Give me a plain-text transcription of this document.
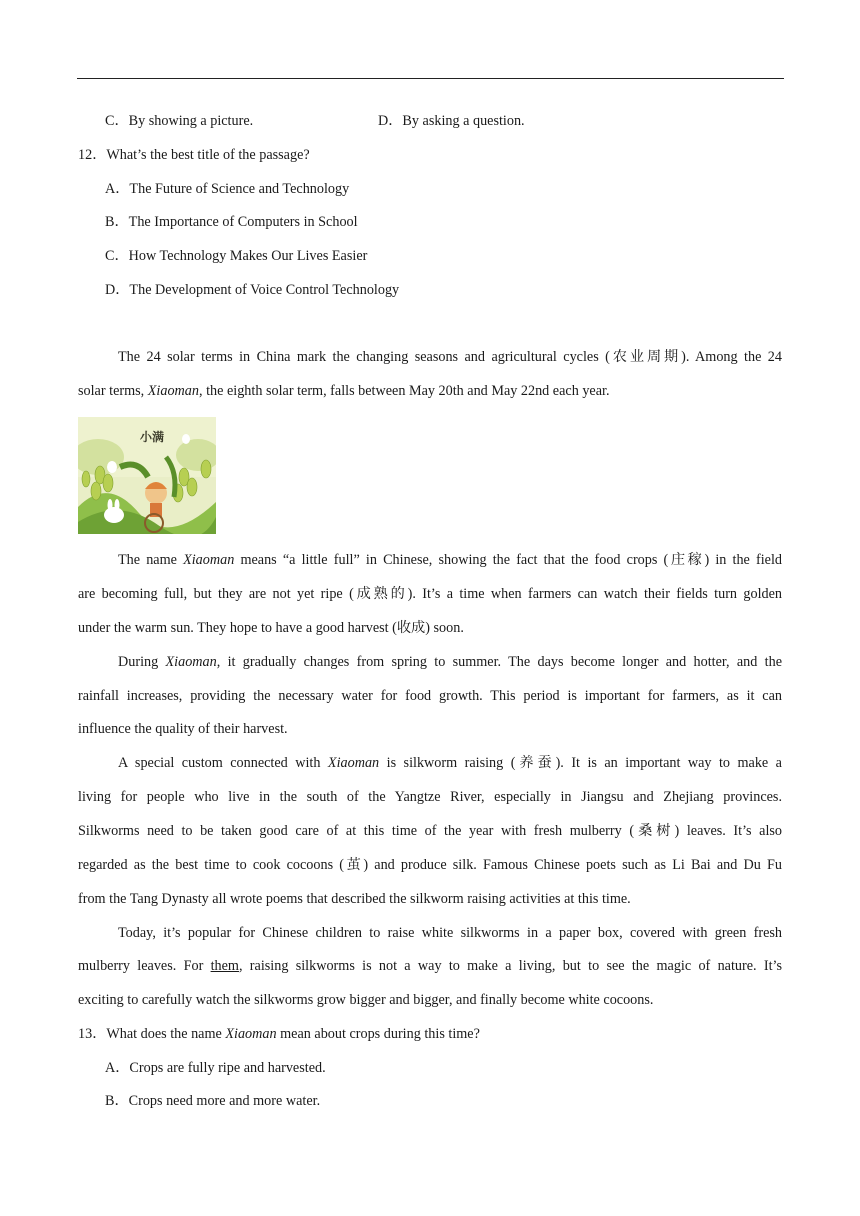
C．By showing a picture.	D．By asking a question.
12．What’s the best title of the passage?
A．The Future of Science and Technology
B．The Importance of Computers in School
C．How Technology Makes Our Lives Easier
D．The Development of Voice Control Technology
The 24 solar terms in China mark the changing seasons and agricultural cycles (农业周期). Among the 24
solar terms, Xiaoman, the eighth solar term, falls between May 20th and May 22nd each year.
小满
The name Xiaoman means “a little full” in Chinese, showing the fact that the food crops (庄稼) in the field
are becoming full, but they are not yet ripe (成熟的). It’s a time when farmers can watch their fields turn golden
under the warm sun. They hope to have a good harvest (收成) soon.
During Xiaoman, it gradually changes from spring to summer. The days become longer and hotter, and the
rainfall increases, providing the necessary water for food growth. This period is important for farmers, as it can
influence the quality of their harvest.
A special custom connected with Xiaoman is silkworm raising (养蚕). It is an important way to make a
living for people who live in the south of the Yangtze River, especially in Jiangsu and Zhejiang provinces.
Silkworms need to be taken good care of at this time of the year with fresh mulberry (桑树) leaves. It’s also
regarded as the best time to cook cocoons (茧) and produce silk. Famous Chinese poets such as Li Bai and Du Fu
from the Tang Dynasty all wrote poems that described the silkworm raising activities at this time.
Today, it’s popular for Chinese children to raise white silkworms in a paper box, covered with green fresh
mulberry leaves. For them, raising silkworms is not a way to make a living, but to see the magic of nature. It’s
exciting to carefully watch the silkworms grow bigger and bigger, and finally become white cocoons.
13．What does the name Xiaoman mean about crops during this time?
A．Crops are fully ripe and harvested.
B．Crops need more and more water.
